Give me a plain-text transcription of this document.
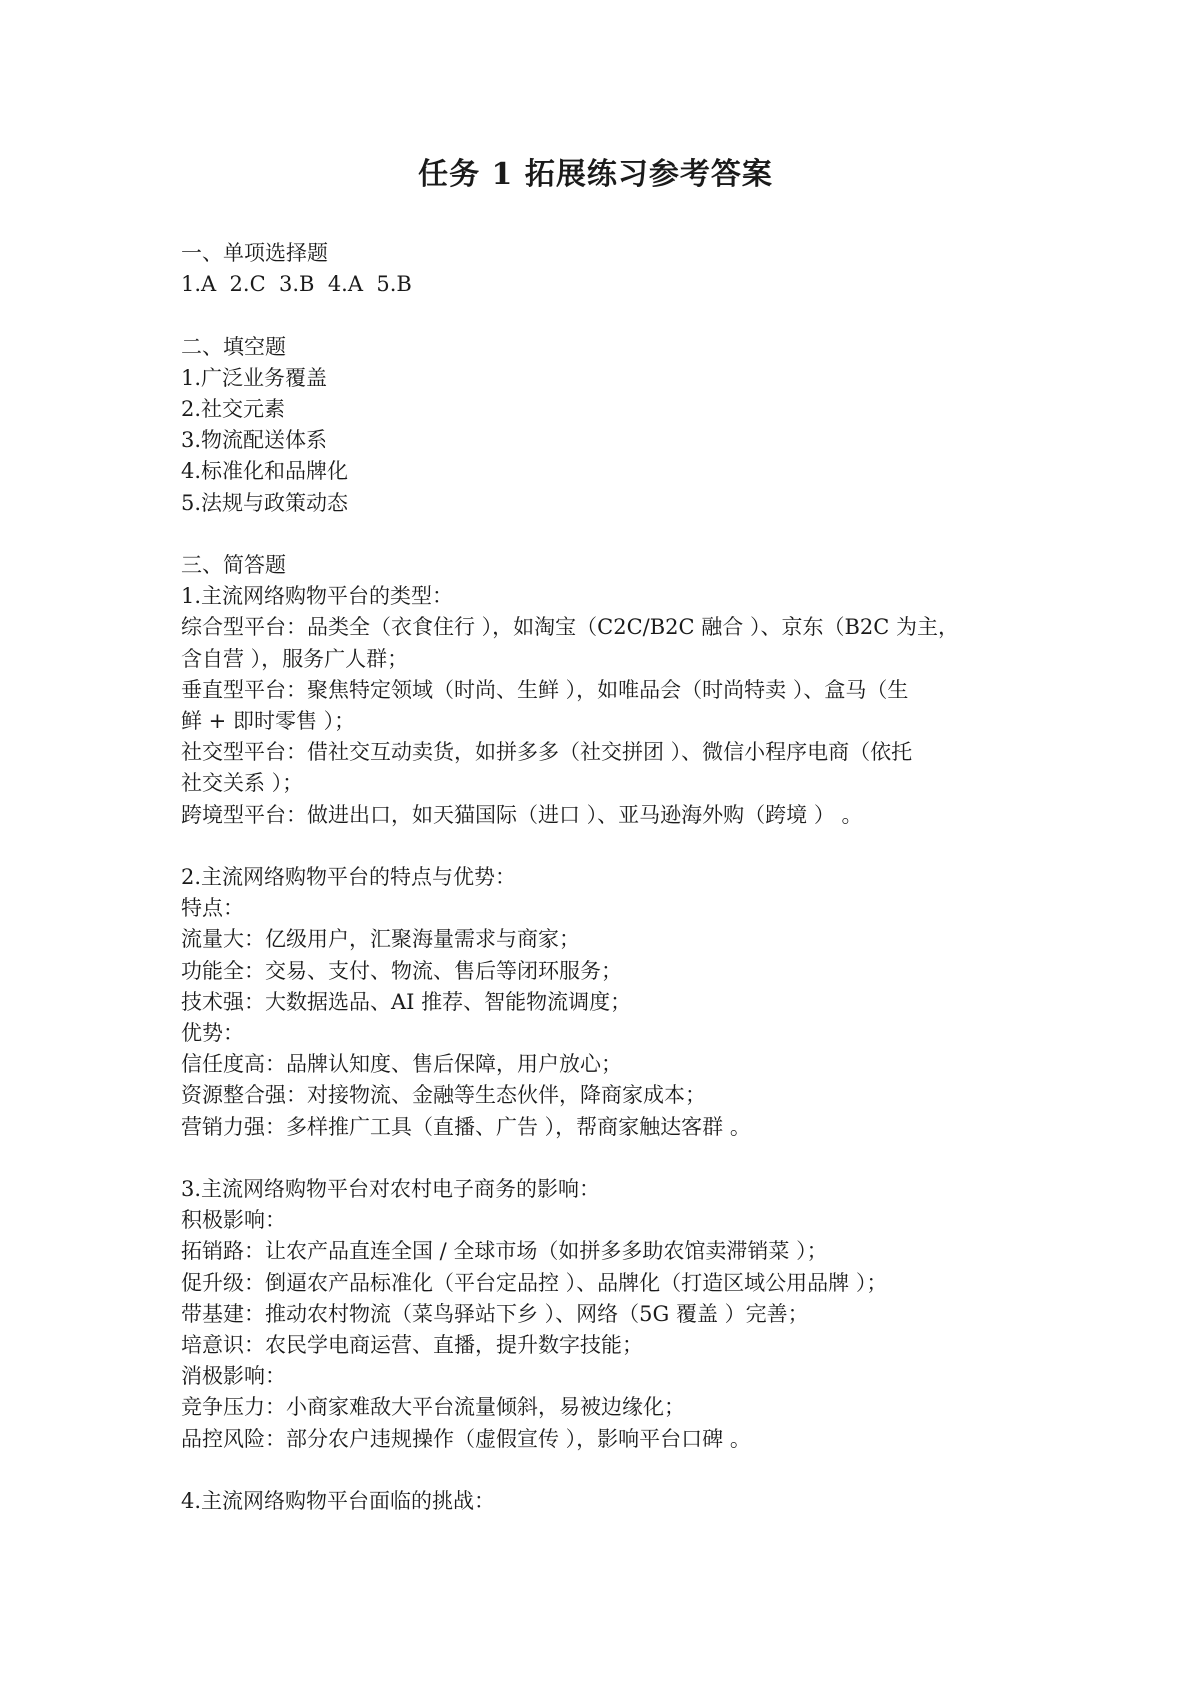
任务 1 拓展练习参考答案
一、单项选择题
1.A  2.C  3.B  4.A  5.B
二、填空题
1.广泛业务覆盖
2.社交元素
3.物流配送体系
4.标准化和品牌化
5.法规与政策动态
三、简答题
1.主流网络购物平台的类型：
综合型平台：品类全（衣食住行 ），如淘宝（C2C/B2C 融合 ）、京东（B2C 为主，
含自营 ），服务广人群；
垂直型平台：聚焦特定领域（时尚、生鲜 ），如唯品会（时尚特卖 ）、盒马（生
鲜 + 即时零售 ）；
社交型平台：借社交互动卖货，如拼多多（社交拼团 ）、微信小程序电商（依托
社交关系 ）；
跨境型平台：做进出口，如天猫国际（进口 ）、亚马逊海外购（跨境 ） 。
2.主流网络购物平台的特点与优势：
特点：
流量大：亿级用户，汇聚海量需求与商家；
功能全：交易、支付、物流、售后等闭环服务；
技术强：大数据选品、AI 推荐、智能物流调度；
优势：
信任度高：品牌认知度、售后保障，用户放心；
资源整合强：对接物流、金融等生态伙伴，降商家成本；
营销力强：多样推广工具（直播、广告 ），帮商家触达客群 。
3.主流网络购物平台对农村电子商务的影响：
积极影响：
拓销路：让农产品直连全国 / 全球市场（如拼多多助农馆卖滞销菜 ）；
促升级：倒逼农产品标准化（平台定品控 ）、品牌化（打造区域公用品牌 ）；
带基建：推动农村物流（菜鸟驿站下乡 ）、网络（5G 覆盖 ）完善；
培意识：农民学电商运营、直播，提升数字技能；
消极影响：
竞争压力：小商家难敌大平台流量倾斜，易被边缘化；
品控风险：部分农户违规操作（虚假宣传 ），影响平台口碑 。
4.主流网络购物平台面临的挑战：
